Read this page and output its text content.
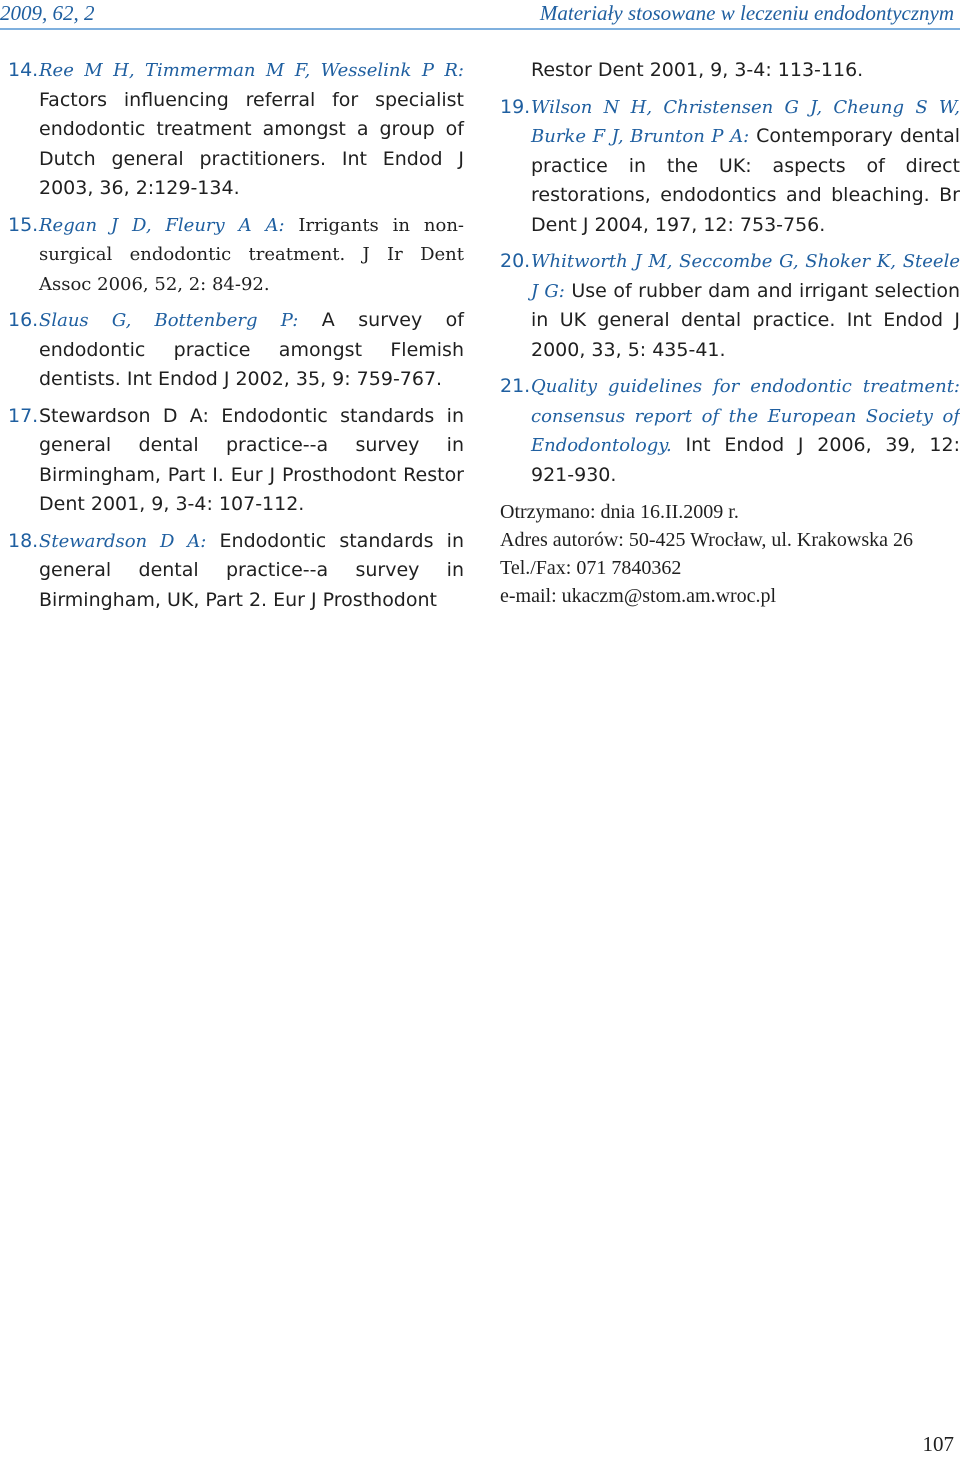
2009, 62, 2	Materiały stosowane w leczeniu endodontycznym

14. Ree M H, Timmerman M F, Wesselink P R: Factors influencing referral for specialist endodontic treatment amongst a group of Dutch general practitioners. Int Endod J 2003, 36, 2:129-134.

15. Regan J D, Fleury A A: Irrigants in non-surgical endodontic treatment. J Ir Dent Assoc 2006, 52, 2: 84-92.

16. Slaus G, Bottenberg P: A survey of endodontic practice amongst Flemish dentists. Int Endod J 2002, 35, 9: 759-767.

17. Stewardson D A: Endodontic standards in general dental practice--a survey in Birmingham, Part I. Eur J Prosthodont Restor Dent 2001, 9, 3-4: 107-112.

18. Stewardson D A: Endodontic standards in general dental practice--a survey in Birmingham, UK, Part 2. Eur J Prosthodont

Restor Dent 2001, 9, 3-4: 113-116.

19. Wilson N H, Christensen G J, Cheung S W, Burke F J, Brunton P A: Contemporary dental practice in the UK: aspects of direct restorations, endodontics and bleaching. Br Dent J 2004, 197, 12: 753-756.

20. Whitworth J M, Seccombe G, Shoker K, Steele J G: Use of rubber dam and irrigant selection in UK general dental practice. Int Endod J 2000, 33, 5: 435-41.

21. Quality guidelines for endodontic treatment: consensus report of the European Society of Endodontology. Int Endod J 2006, 39, 12: 921-930.

Otrzymano: dnia 16.II.2009 r.

Adres autorów: 50-425 Wrocław, ul. Krakowska 26

Tel./Fax: 071 7840362

e-mail: ukaczm@stom.am.wroc.pl

107
